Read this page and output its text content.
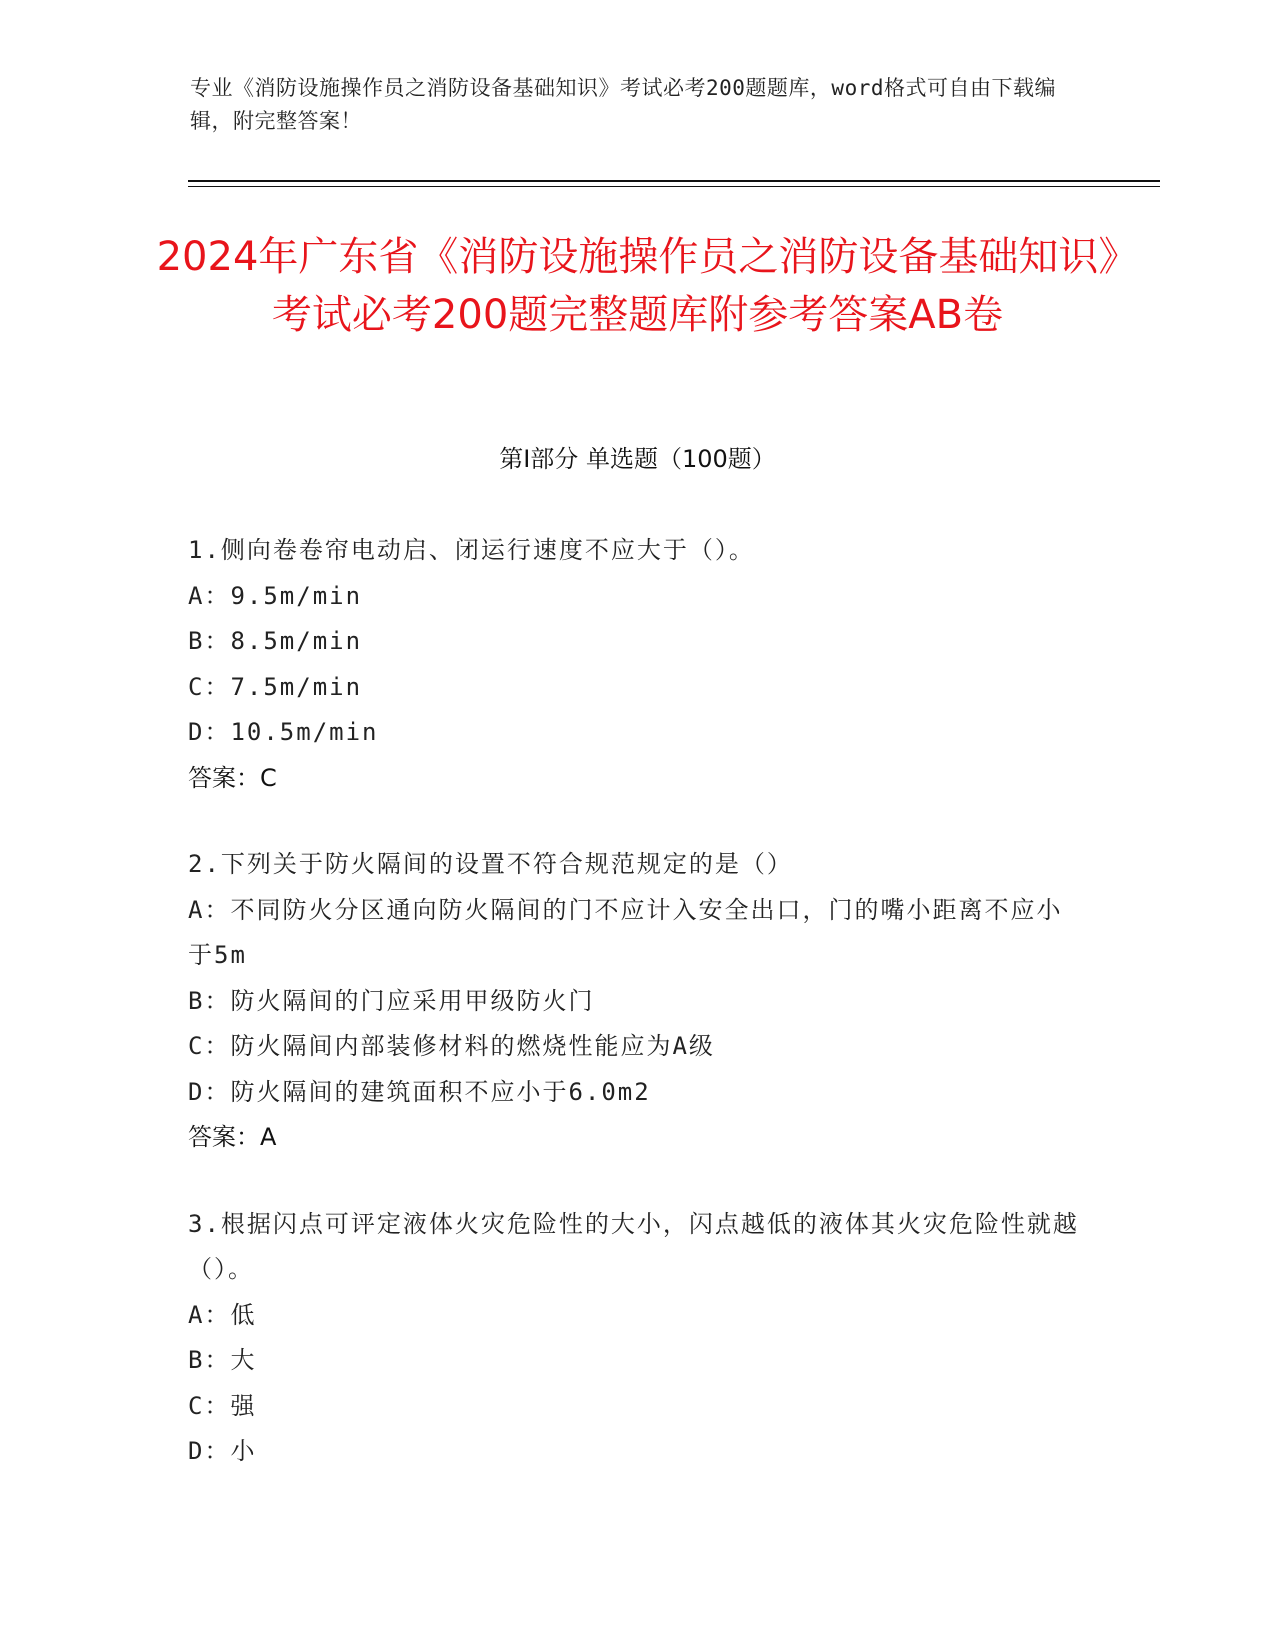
专业《消防设施操作员之消防设备基础知识》考试必考200题题库，word格式可自由下载编辑，附完整答案！
2024年广东省《消防设施操作员之消防设备基础知识》考试必考200题完整题库附参考答案AB卷
第I部分 单选题（100题）

1.侧向卷卷帘电动启、闭运行速度不应大于（）。

A：9.5m/min

B：8.5m/min

C：7.5m/min

D：10.5m/min

答案：C

2.下列关于防火隔间的设置不符合规范规定的是（）

A：不同防火分区通向防火隔间的门不应计入安全出口，门的嘴小距离不应小于5m

B：防火隔间的门应采用甲级防火门

C：防火隔间内部装修材料的燃烧性能应为A级

D：防火隔间的建筑面积不应小于6.0m2

答案：A

3.根据闪点可评定液体火灾危险性的大小，闪点越低的液体其火灾危险性就越（）。

A：低

B：大

C：强

D：小
